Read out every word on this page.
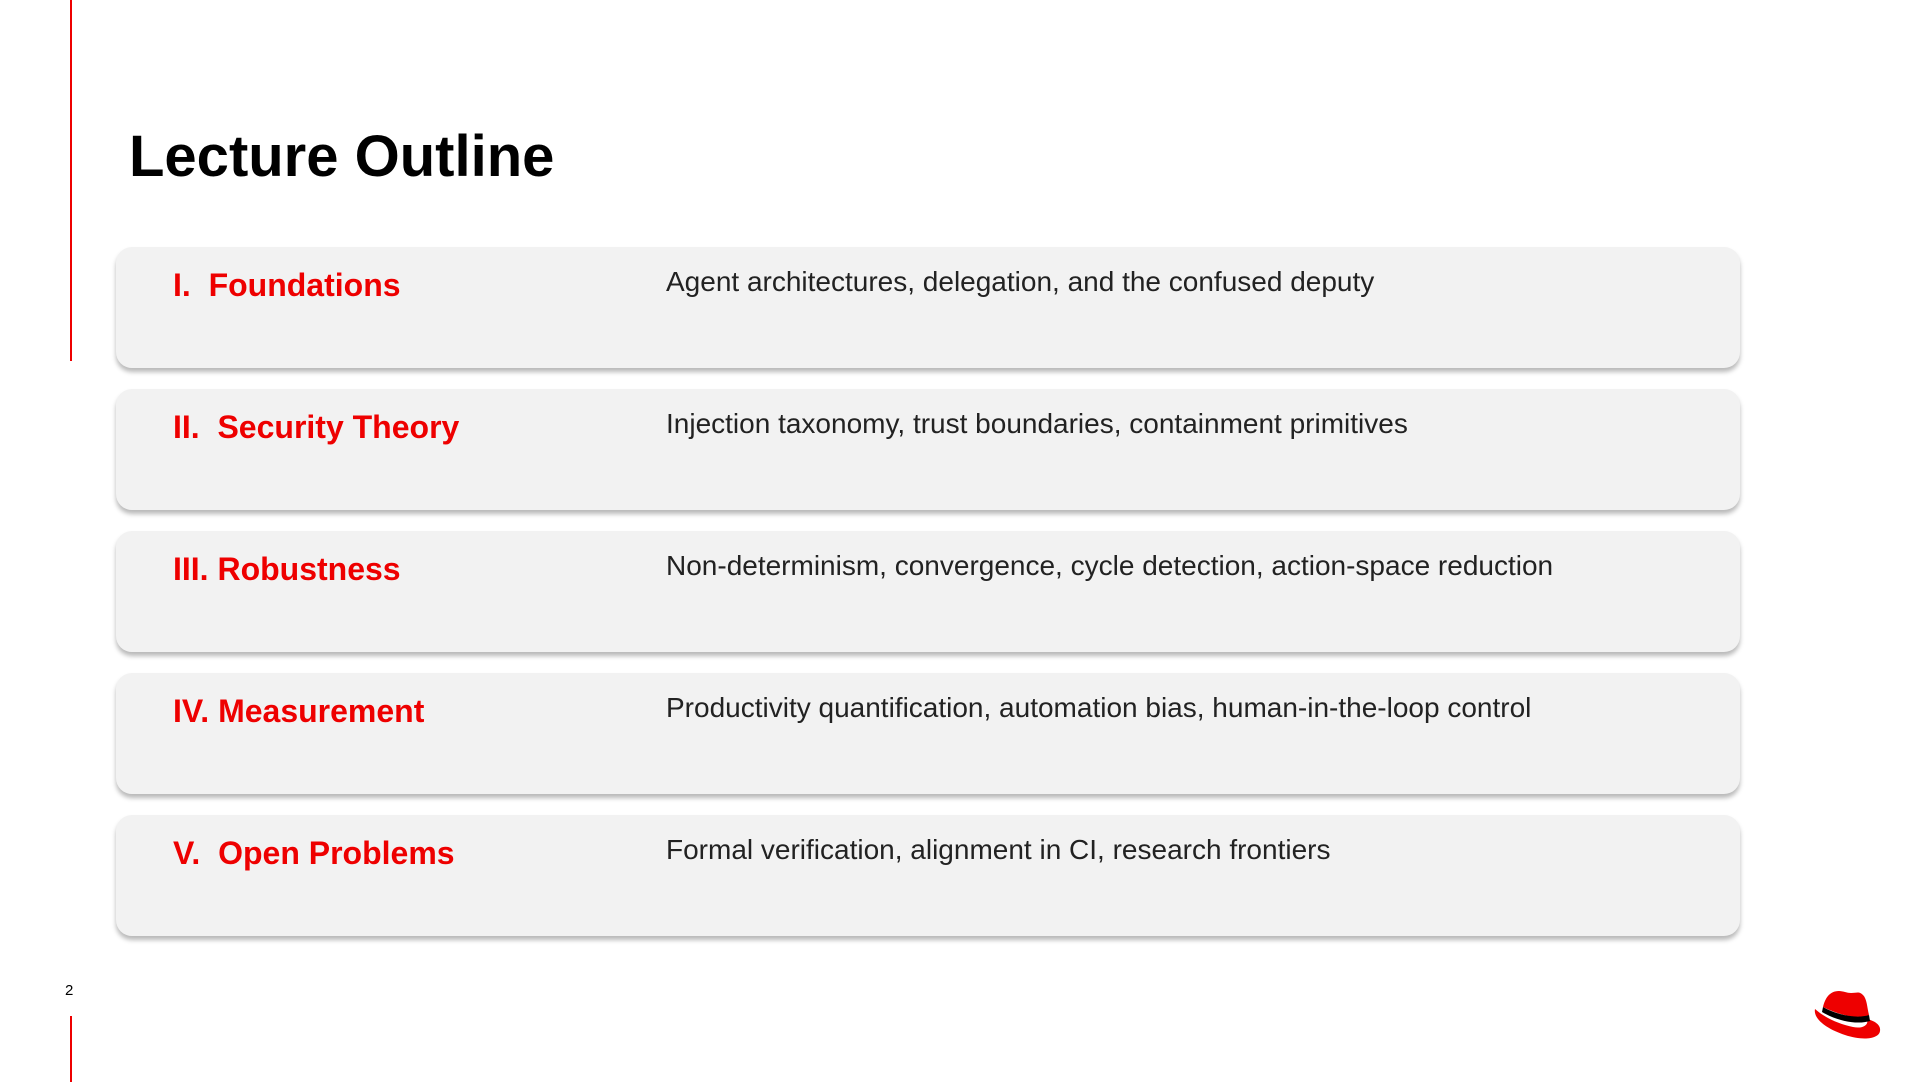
Lecture Outline
I.  Foundations	Agent architectures, delegation, and the confused deputy
II.  Security Theory	Injection taxonomy, trust boundaries, containment primitives
III. Robustness	Non-determinism, convergence, cycle detection, action-space reduction
IV. Measurement	Productivity quantification, automation bias, human-in-the-loop control
V.  Open Problems	Formal verification, alignment in CI, research frontiers
2
